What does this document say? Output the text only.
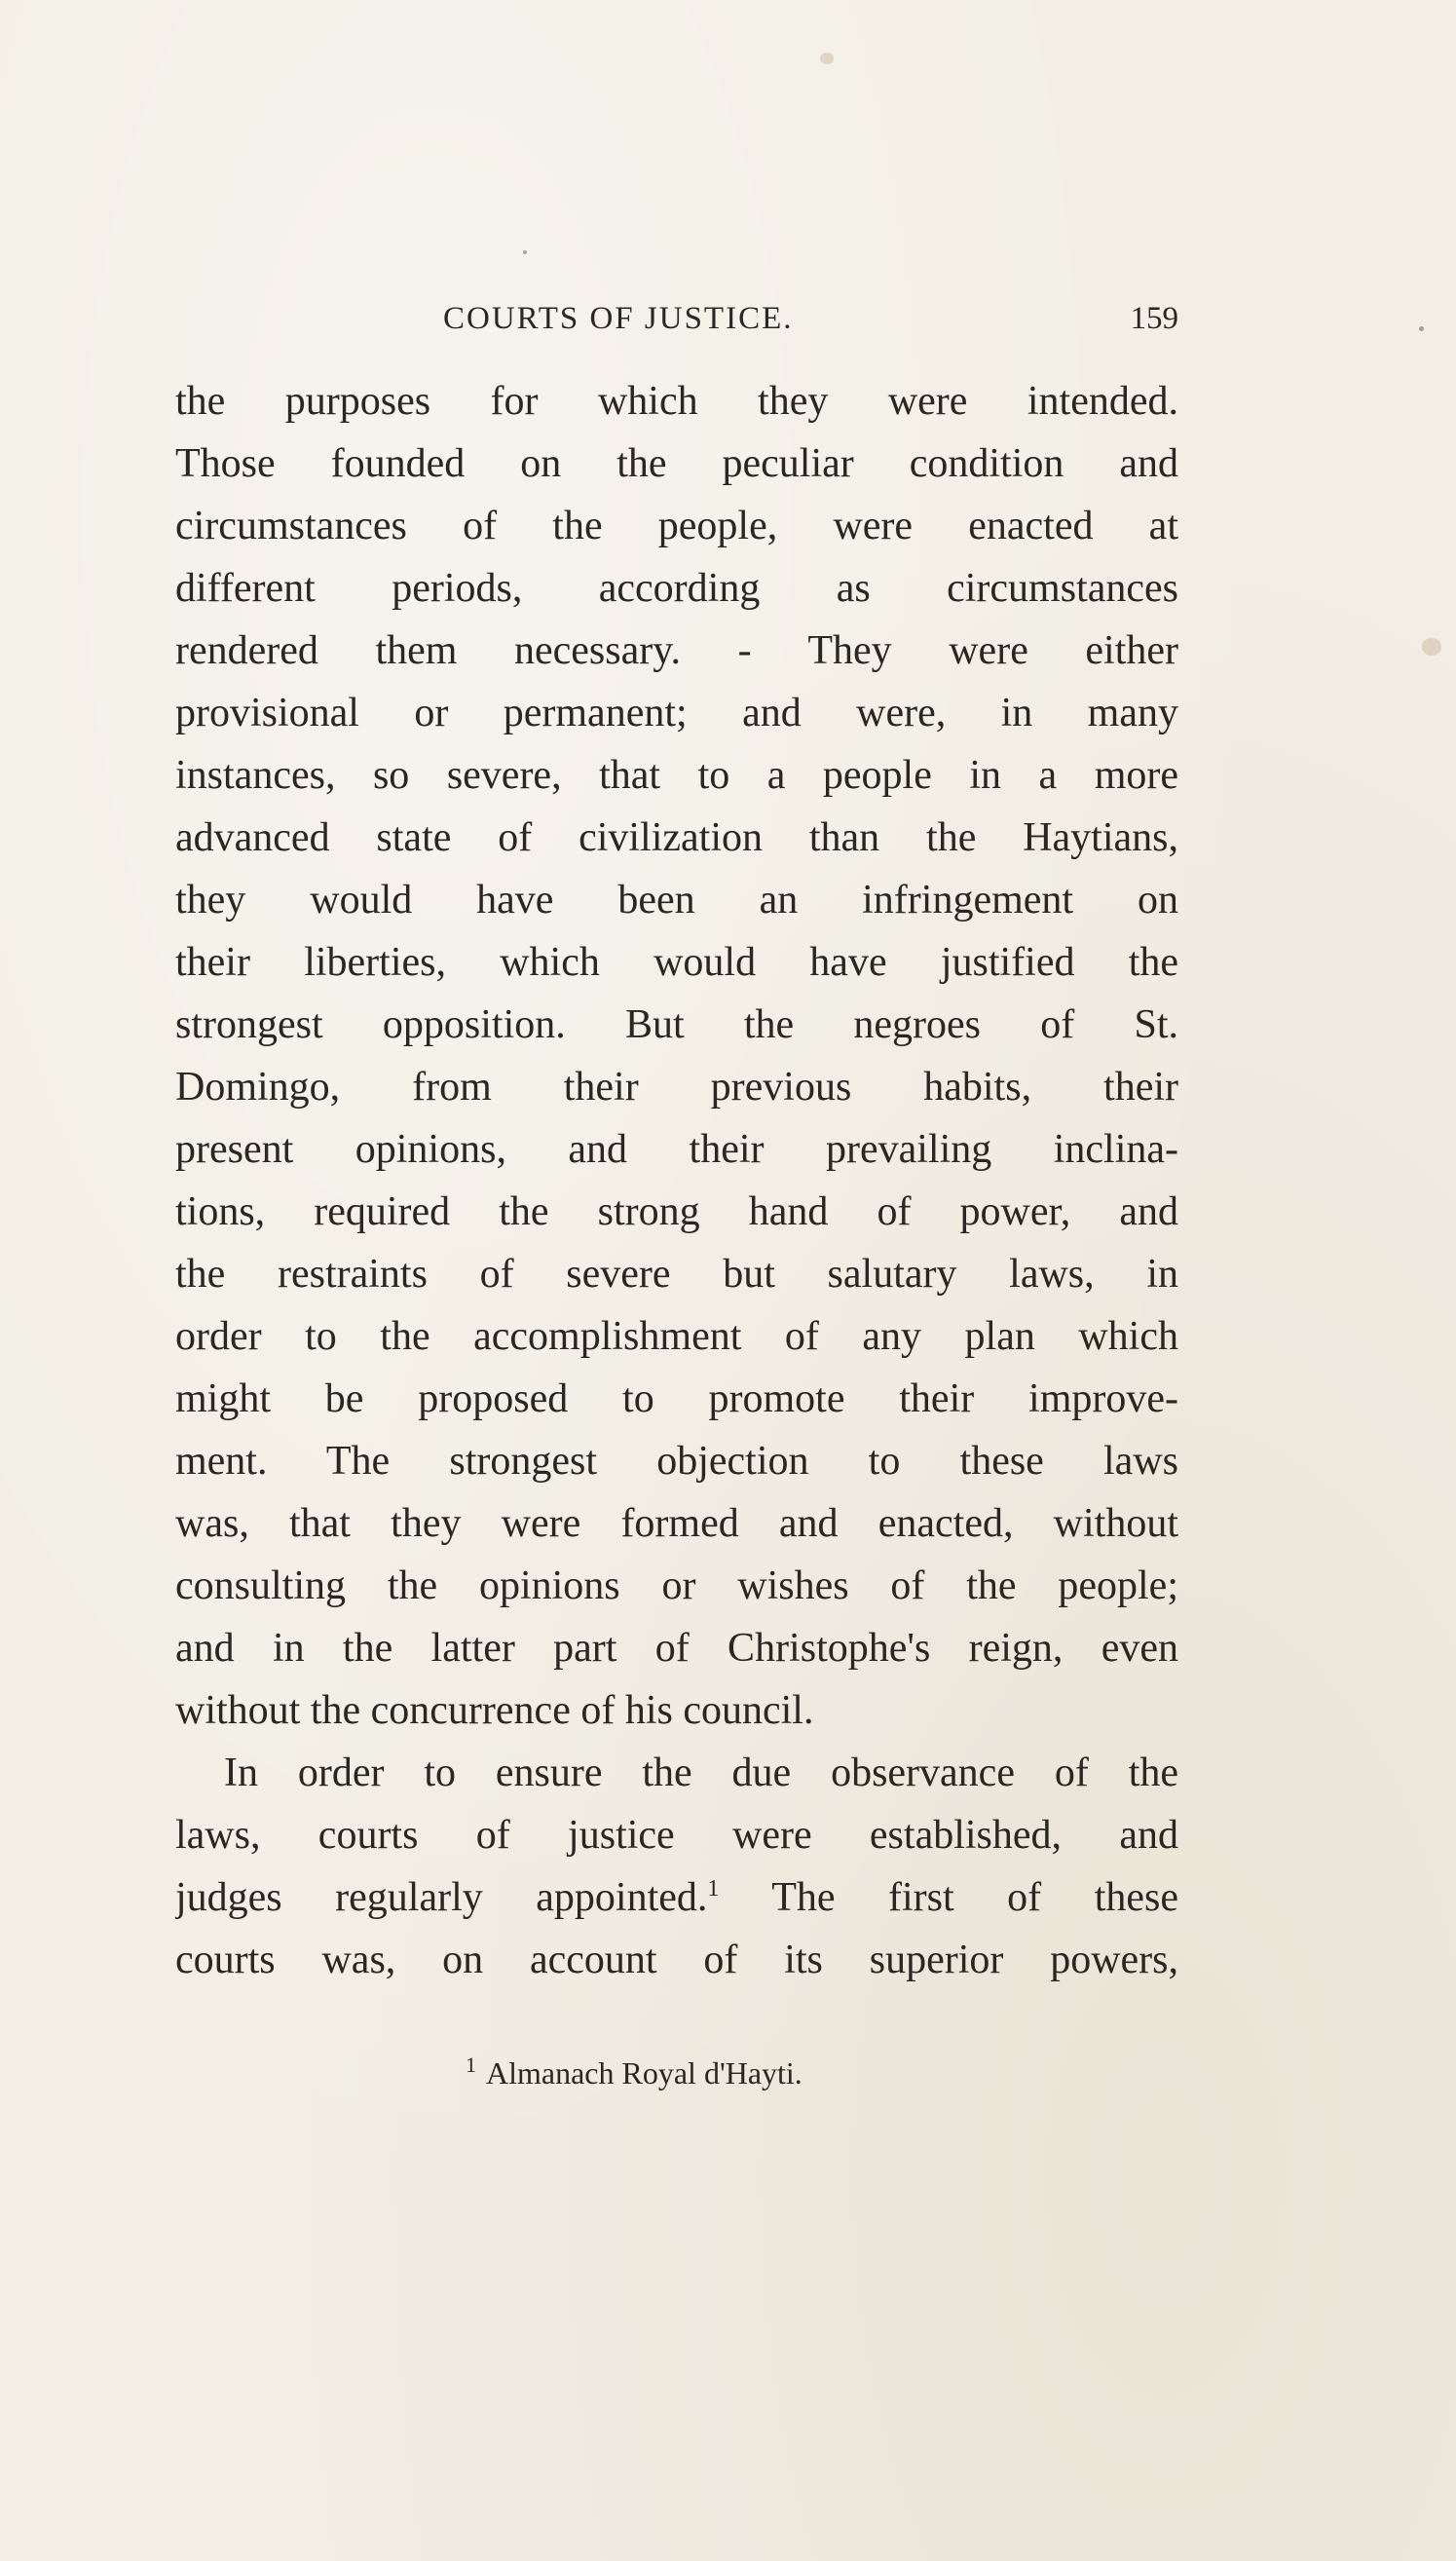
COURTS OF JUSTICE.	159
the purposes for which they were intended.
Those founded on the peculiar condition and
circumstances of the people, were enacted at
different periods, according as circumstances
rendered them necessary. - They were either
provisional or permanent; and were, in many
instances, so severe, that to a people in a more
advanced state of civilization than the Haytians,
they would have been an infringement on
their liberties, which would have justified the
strongest opposition. But the negroes of St.
Domingo, from their previous habits, their
present opinions, and their prevailing inclina-
tions, required the strong hand of power, and
the restraints of severe but salutary laws, in
order to the accomplishment of any plan which
might be proposed to promote their improve-
ment. The strongest objection to these laws
was, that they were formed and enacted, without
consulting the opinions or wishes of the people;
and in the latter part of Christophe's reign, even
without the concurrence of his council.
In order to ensure the due observance of the
laws, courts of justice were established, and
judges regularly appointed.$^1$ The first of these
courts was, on account of its superior powers,
$^1$ Almanach Royal d'Hayti.
